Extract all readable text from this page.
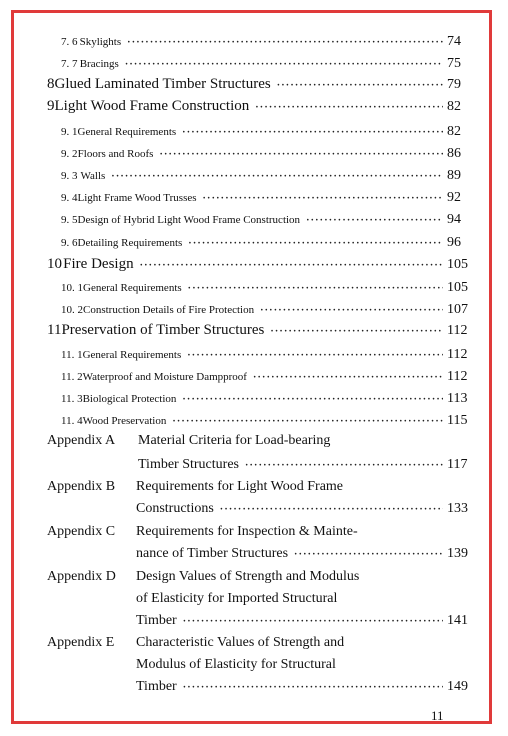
7. 6 Skylights ·····	74
7. 7 Bracings ·····	75
8 Glued Laminated Timber Structures ·····	79
9 Light Wood Frame Construction ·····	82
9. 1 General Requirements ·····	82
9. 2 Floors and Roofs ·····	86
9. 3 Walls ·····	89
9. 4 Light Frame Wood Trusses ·····	92
9. 5 Design of Hybrid Light Wood Frame Construction ·····	94
9. 6 Detailing Requirements ·····	96
10 Fire Design ·····	105
10. 1 General Requirements ·····	105
10. 2 Construction Details of Fire Protection ·····	107
11 Preservation of Timber Structures ·····	112
11. 1 General Requirements ·····	112
11. 2 Waterproof and Moisture Dampproof ·····	112
11. 3 Biological Protection ·····	113
11. 4 Wood Preservation ·····	115
Appendix A Material Criteria for Load-bearing
Timber Structures ·····	117
Appendix B Requirements for Light Wood Frame
Constructions ·····	133
Appendix C Requirements for Inspection & Mainte-
nance of Timber Structures ·····	139
Appendix D Design Values of Strength and Modulus
of Elasticity for Imported Structural
Timber ·····	141
Appendix E Characteristic Values of Strength and
Modulus of Elasticity for Structural
Timber ·····	149
11
